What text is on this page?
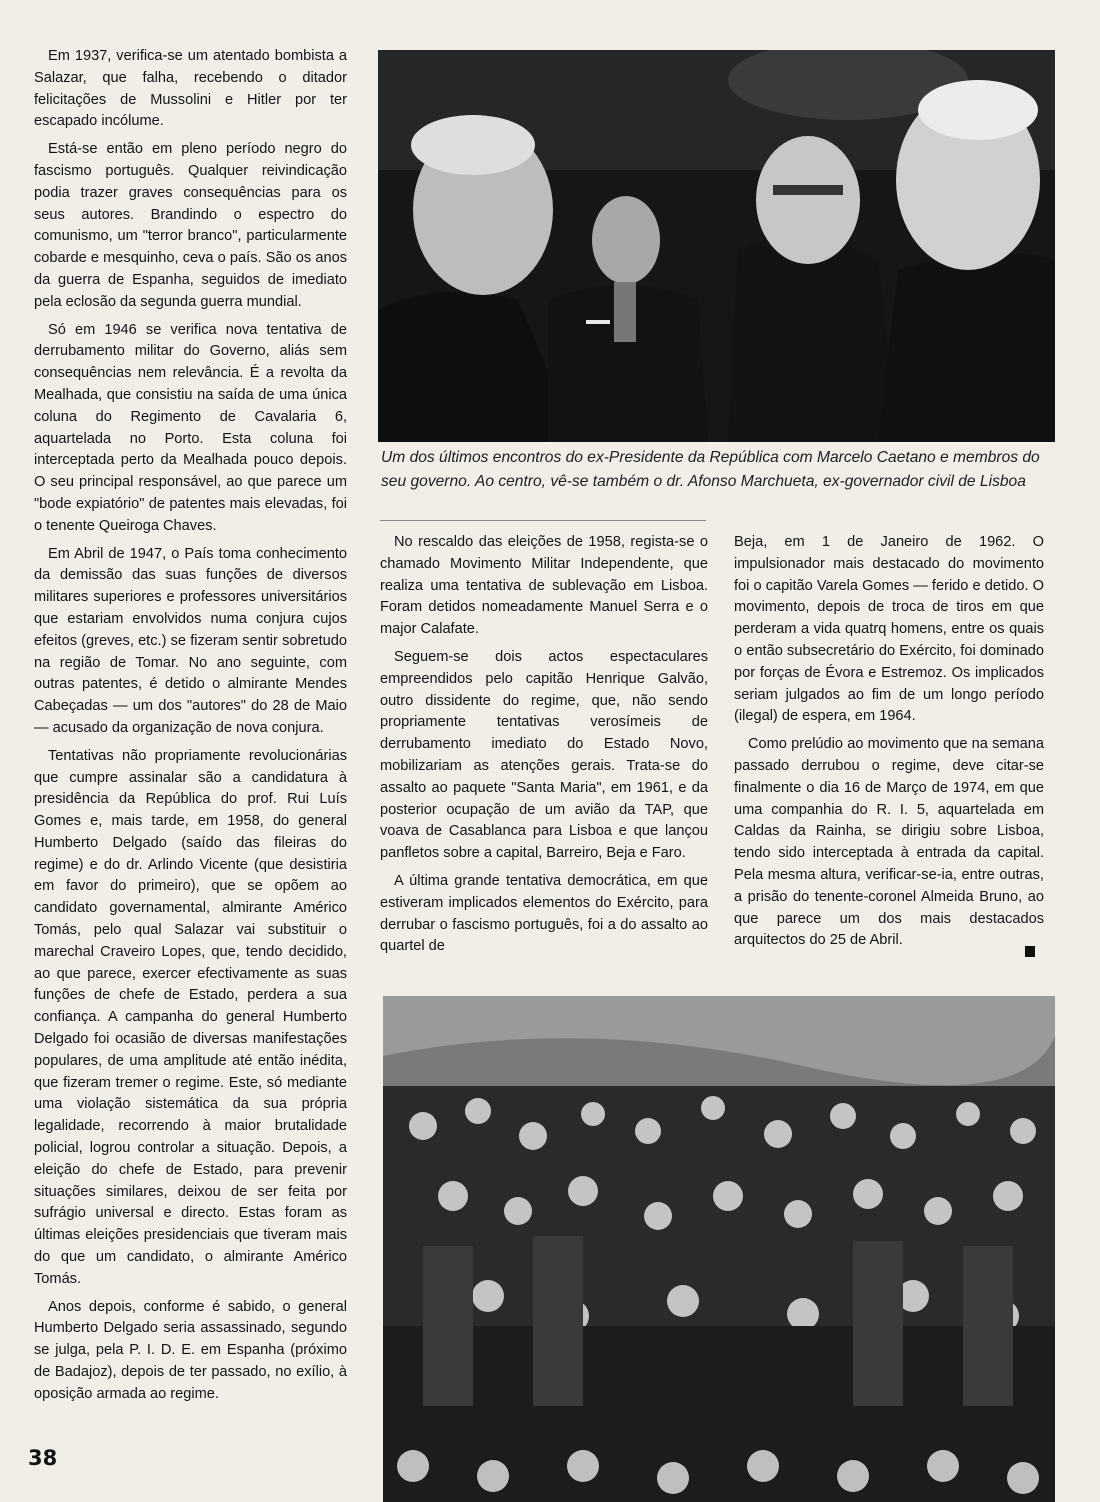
Em 1937, verifica-se um atentado bombista a Salazar, que falha, recebendo o ditador felicitações de Mussolini e Hitler por ter escapado incólume.

Está-se então em pleno período negro do fascismo português. Qualquer reivindicação podia trazer graves consequências para os seus autores. Brandindo o espectro do comunismo, um "terror branco", particularmente cobarde e mesquinho, ceva o país. São os anos da guerra de Espanha, seguidos de imediato pela eclosão da segunda guerra mundial.

Só em 1946 se verifica nova tentativa de derrubamento militar do Governo, aliás sem consequências nem relevância. É a revolta da Mealhada, que consistiu na saída de uma única coluna do Regimento de Cavalaria 6, aquartelada no Porto. Esta coluna foi interceptada perto da Mealhada pouco depois. O seu principal responsável, ao que parece um "bode expiatório" de patentes mais elevadas, foi o tenente Queiroga Chaves.

Em Abril de 1947, o País toma conhecimento da demissão das suas funções de diversos militares superiores e professores universitários que estariam envolvidos numa conjura cujos efeitos (greves, etc.) se fizeram sentir sobretudo na região de Tomar. No ano seguinte, com outras patentes, é detido o almirante Mendes Cabeçadas — um dos "autores" do 28 de Maio — acusado da organização de nova conjura.

Tentativas não propriamente revolucionárias que cumpre assinalar são a candidatura à presidência da República do prof. Rui Luís Gomes e, mais tarde, em 1958, do general Humberto Delgado (saído das fileiras do regime) e do dr. Arlindo Vicente (que desistiria em favor do primeiro), que se opõem ao candidato governamental, almirante Américo Tomás, pelo qual Salazar vai substituir o marechal Craveiro Lopes, que, tendo decidido, ao que parece, exercer efectivamente as suas funções de chefe de Estado, perdera a sua confiança. A campanha do general Humberto Delgado foi ocasião de diversas manifestações populares, de uma amplitude até então inédita, que fizeram tremer o regime. Este, só mediante uma violação sistemática da sua própria legalidade, recorrendo à maior brutalidade policial, logrou controlar a situação. Depois, a eleição do chefe de Estado, para prevenir situações similares, deixou de ser feita por sufrágio universal e directo. Estas foram as últimas eleições presidenciais que tiveram mais do que um candidato, o almirante Américo Tomás.

Anos depois, conforme é sabido, o general Humberto Delgado seria assassinado, segundo se julga, pela P. I. D. E. em Espanha (próximo de Badajoz), depois de ter passado, no exílio, à oposição armada ao regime.

Um dos últimos encontros do ex-Presidente da República com Marcelo Caetano e membros do seu governo. Ao centro, vê-se também o dr. Afonso Marchueta, ex-governador civil de Lisboa

No rescaldo das eleições de 1958, regista-se o chamado Movimento Militar Independente, que realiza uma tentativa de sublevação em Lisboa. Foram detidos nomeadamente Manuel Serra e o major Calafate.

Seguem-se dois actos espectaculares empreendidos pelo capitão Henrique Galvão, outro dissidente do regime, que, não sendo propriamente tentativas verosímeis de derrubamento imediato do Estado Novo, mobilizariam as atenções gerais. Trata-se do assalto ao paquete "Santa Maria", em 1961, e da posterior ocupação de um avião da TAP, que voava de Casablanca para Lisboa e que lançou panfletos sobre a capital, Barreiro, Beja e Faro.

A última grande tentativa democrática, em que estiveram implicados elementos do Exército, para derrubar o fascismo português, foi a do assalto ao quartel de

Beja, em 1 de Janeiro de 1962. O impulsionador mais destacado do movimento foi o capitão Varela Gomes — ferido e detido. O movimento, depois de troca de tiros em que perderam a vida quatrq homens, entre os quais o então subsecretário do Exército, foi dominado por forças de Évora e Estremoz. Os implicados seriam julgados ao fim de um longo período (ilegal) de espera, em 1964.

Como prelúdio ao movimento que na semana passado derrubou o regime, deve citar-se finalmente o dia 16 de Março de 1974, em que uma companhia do R. I. 5, aquartelada em Caldas da Rainha, se dirigiu sobre Lisboa, tendo sido interceptada à entrada da capital. Pela mesma altura, verificar-se-ia, entre outras, a prisão do tenente-coronel Almeida Bruno, ao que parece um dos mais destacados arquitectos do 25 de Abril.

38
